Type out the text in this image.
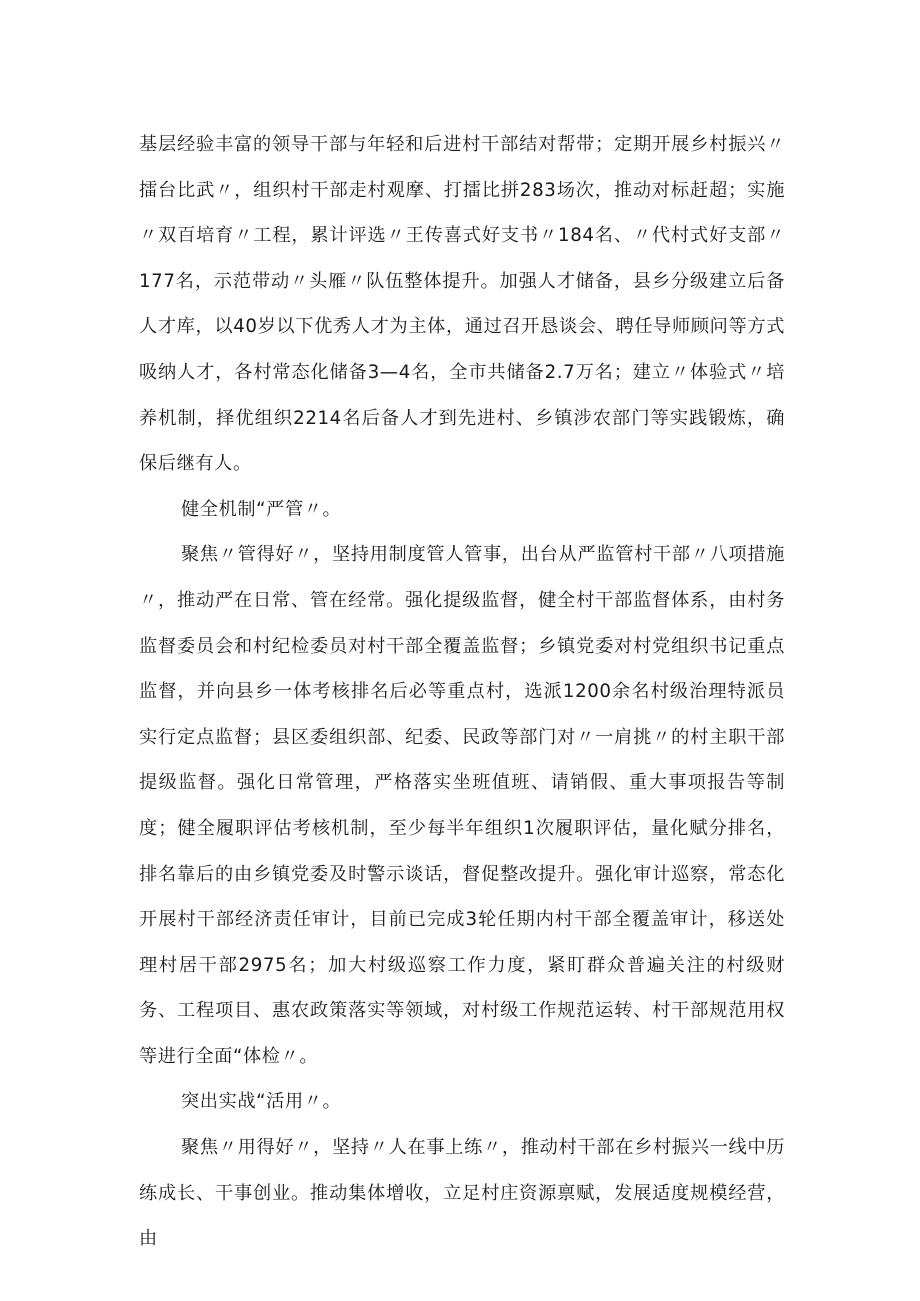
基层经验丰富的领导干部与年轻和后进村干部结对帮带；定期开展乡村振兴〃擂台比武〃，组织村干部走村观摩、打擂比拼283场次，推动对标赶超；实施〃双百培育〃工程，累计评选〃王传喜式好支书〃184名、〃代村式好支部〃177名，示范带动〃头雁〃队伍整体提升。加强人才储备，县乡分级建立后备人才库，以40岁以下优秀人才为主体，通过召开恳谈会、聘任导师顾问等方式吸纳人才，各村常态化储备3—4名，全市共储备2.7万名；建立〃体验式〃培养机制，择优组织2214名后备人才到先进村、乡镇涉农部门等实践锻炼，确保后继有人。

健全机制“严管〃。

聚焦〃管得好〃，坚持用制度管人管事，出台从严监管村干部〃八项措施〃，推动严在日常、管在经常。强化提级监督，健全村干部监督体系，由村务监督委员会和村纪检委员对村干部全覆盖监督；乡镇党委对村党组织书记重点监督，并向县乡一体考核排名后必等重点村，选派1200余名村级治理特派员实行定点监督；县区委组织部、纪委、民政等部门对〃一肩挑〃的村主职干部提级监督。强化日常管理，严格落实坐班值班、请销假、重大事项报告等制度；健全履职评估考核机制，至少每半年组织1次履职评估，量化赋分排名，排名靠后的由乡镇党委及时警示谈话，督促整改提升。强化审计巡察，常态化开展村干部经济责任审计，目前已完成3轮任期内村干部全覆盖审计，移送处理村居干部2975名；加大村级巡察工作力度，紧盯群众普遍关注的村级财务、工程项目、惠农政策落实等领域，对村级工作规范运转、村干部规范用权等进行全面“体检〃。

突出实战“活用〃。

聚焦〃用得好〃，坚持〃人在事上练〃，推动村干部在乡村振兴一线中历练成长、干事创业。推动集体增收，立足村庄资源禀赋，发展适度规模经营，由
